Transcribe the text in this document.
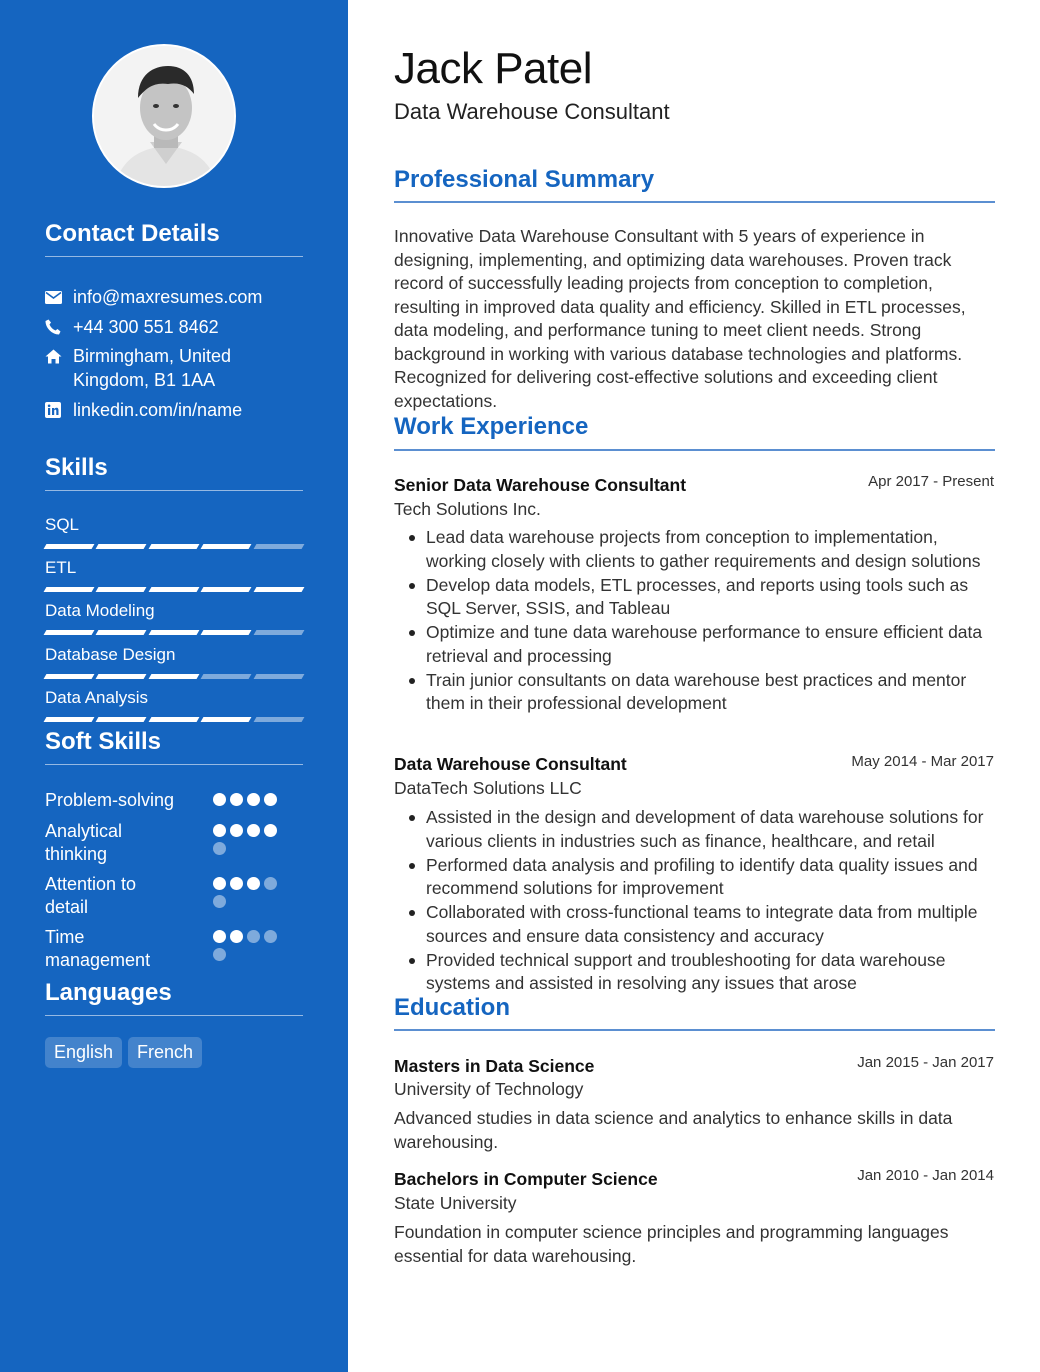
Contact Details
info@maxresumes.com
+44 300 551 8462
Birmingham, United Kingdom, B1 1AA
linkedin.com/in/name
Skills
Soft Skills
Languages
English	French
SQL
ETL
Data Modeling
Database Design
Data Analysis
Problem-solving
Analytical thinking
Attention to detail
Time management
Jack Patel
Data Warehouse Consultant
Professional Summary
Innovative Data Warehouse Consultant with 5 years of experience in designing, implementing, and optimizing data warehouses. Proven track record of successfully leading projects from conception to completion, resulting in improved data quality and efficiency. Skilled in ETL processes, data modeling, and performance tuning to meet client needs. Strong background in working with various database technologies and platforms. Recognized for delivering cost-effective solutions and exceeding client expectations.
Work Experience
Senior Data Warehouse Consultant	Apr 2017 - Present
Tech Solutions Inc.
Lead data warehouse projects from conception to implementation, working closely with clients to gather requirements and design solutions
Develop data models, ETL processes, and reports using tools such as SQL Server, SSIS, and Tableau
Optimize and tune data warehouse performance to ensure efficient data retrieval and processing
Train junior consultants on data warehouse best practices and mentor them in their professional development
Data Warehouse Consultant	May 2014 - Mar 2017
DataTech Solutions LLC
Assisted in the design and development of data warehouse solutions for various clients in industries such as finance, healthcare, and retail
Performed data analysis and profiling to identify data quality issues and recommend solutions for improvement
Collaborated with cross-functional teams to integrate data from multiple sources and ensure data consistency and accuracy
Provided technical support and troubleshooting for data warehouse systems and assisted in resolving any issues that arose
Education
Masters in Data Science	Jan 2015 - Jan 2017
University of Technology
Advanced studies in data science and analytics to enhance skills in data warehousing.
Bachelors in Computer Science	Jan 2010 - Jan 2014
State University
Foundation in computer science principles and programming languages essential for data warehousing.
